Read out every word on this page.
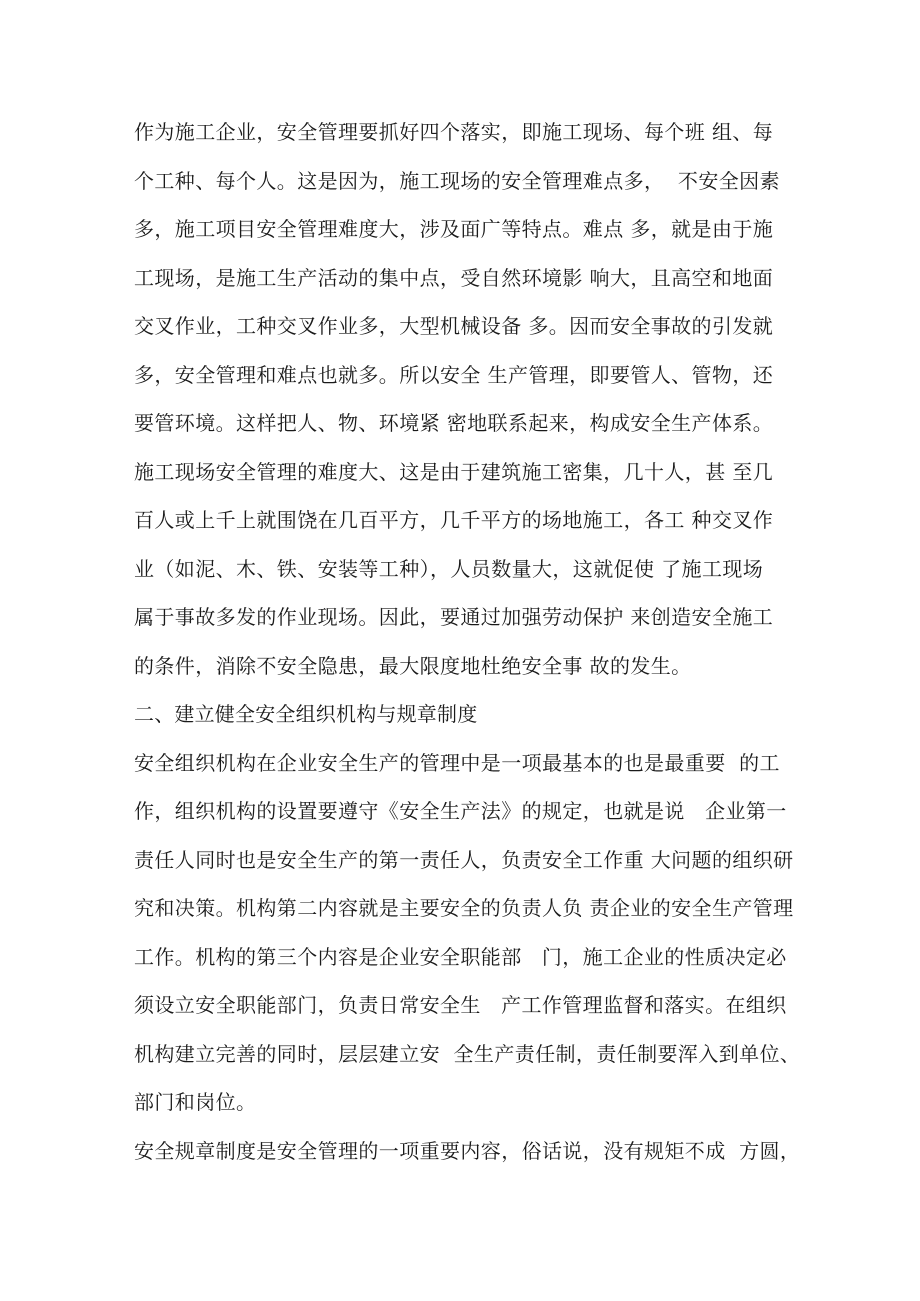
作为施工企业，安全管理要抓好四个落实，即施工现场、每个班 组、每
个工种、每个人。这是因为，施工现场的安全管理难点多，  不安全因素
多，施工项目安全管理难度大，涉及面广等特点。难点 多，就是由于施
工现场，是施工生产活动的集中点，受自然环境影 响大，且高空和地面
交叉作业，工种交叉作业多，大型机械设备 多。因而安全事故的引发就
多，安全管理和难点也就多。所以安全 生产管理，即要管人、管物，还
要管环境。这样把人、物、环境紧 密地联系起来，构成安全生产体系。
施工现场安全管理的难度大、这是由于建筑施工密集，几十人，甚 至几
百人或上千上就围饶在几百平方，几千平方的场地施工，各工 种交叉作
业（如泥、木、铁、安装等工种），人员数量大，这就促使 了施工现场
属于事故多发的作业现场。因此，要通过加强劳动保护 来创造安全施工
的条件，消除不安全隐患，最大限度地杜绝安全事 故的发生。
二、建立健全安全组织机构与规章制度
安全组织机构在企业安全生产的管理中是一项最基本的也是最重要  的工
作，组织机构的设置要遵守《安全生产法》的规定，也就是说   企业第一
责任人同时也是安全生产的第一责任人，负责安全工作重 大问题的组织研
究和决策。机构第二内容就是主要安全的负责人负 责企业的安全生产管理
工作。机构的第三个内容是企业安全职能部   门，施工企业的性质决定必
须设立安全职能部门，负责日常安全生   产工作管理监督和落实。在组织
机构建立完善的同时，层层建立安  全生产责任制，责任制要浑入到单位、
部门和岗位。
安全规章制度是安全管理的一项重要内容，俗话说，没有规矩不成  方圆，
